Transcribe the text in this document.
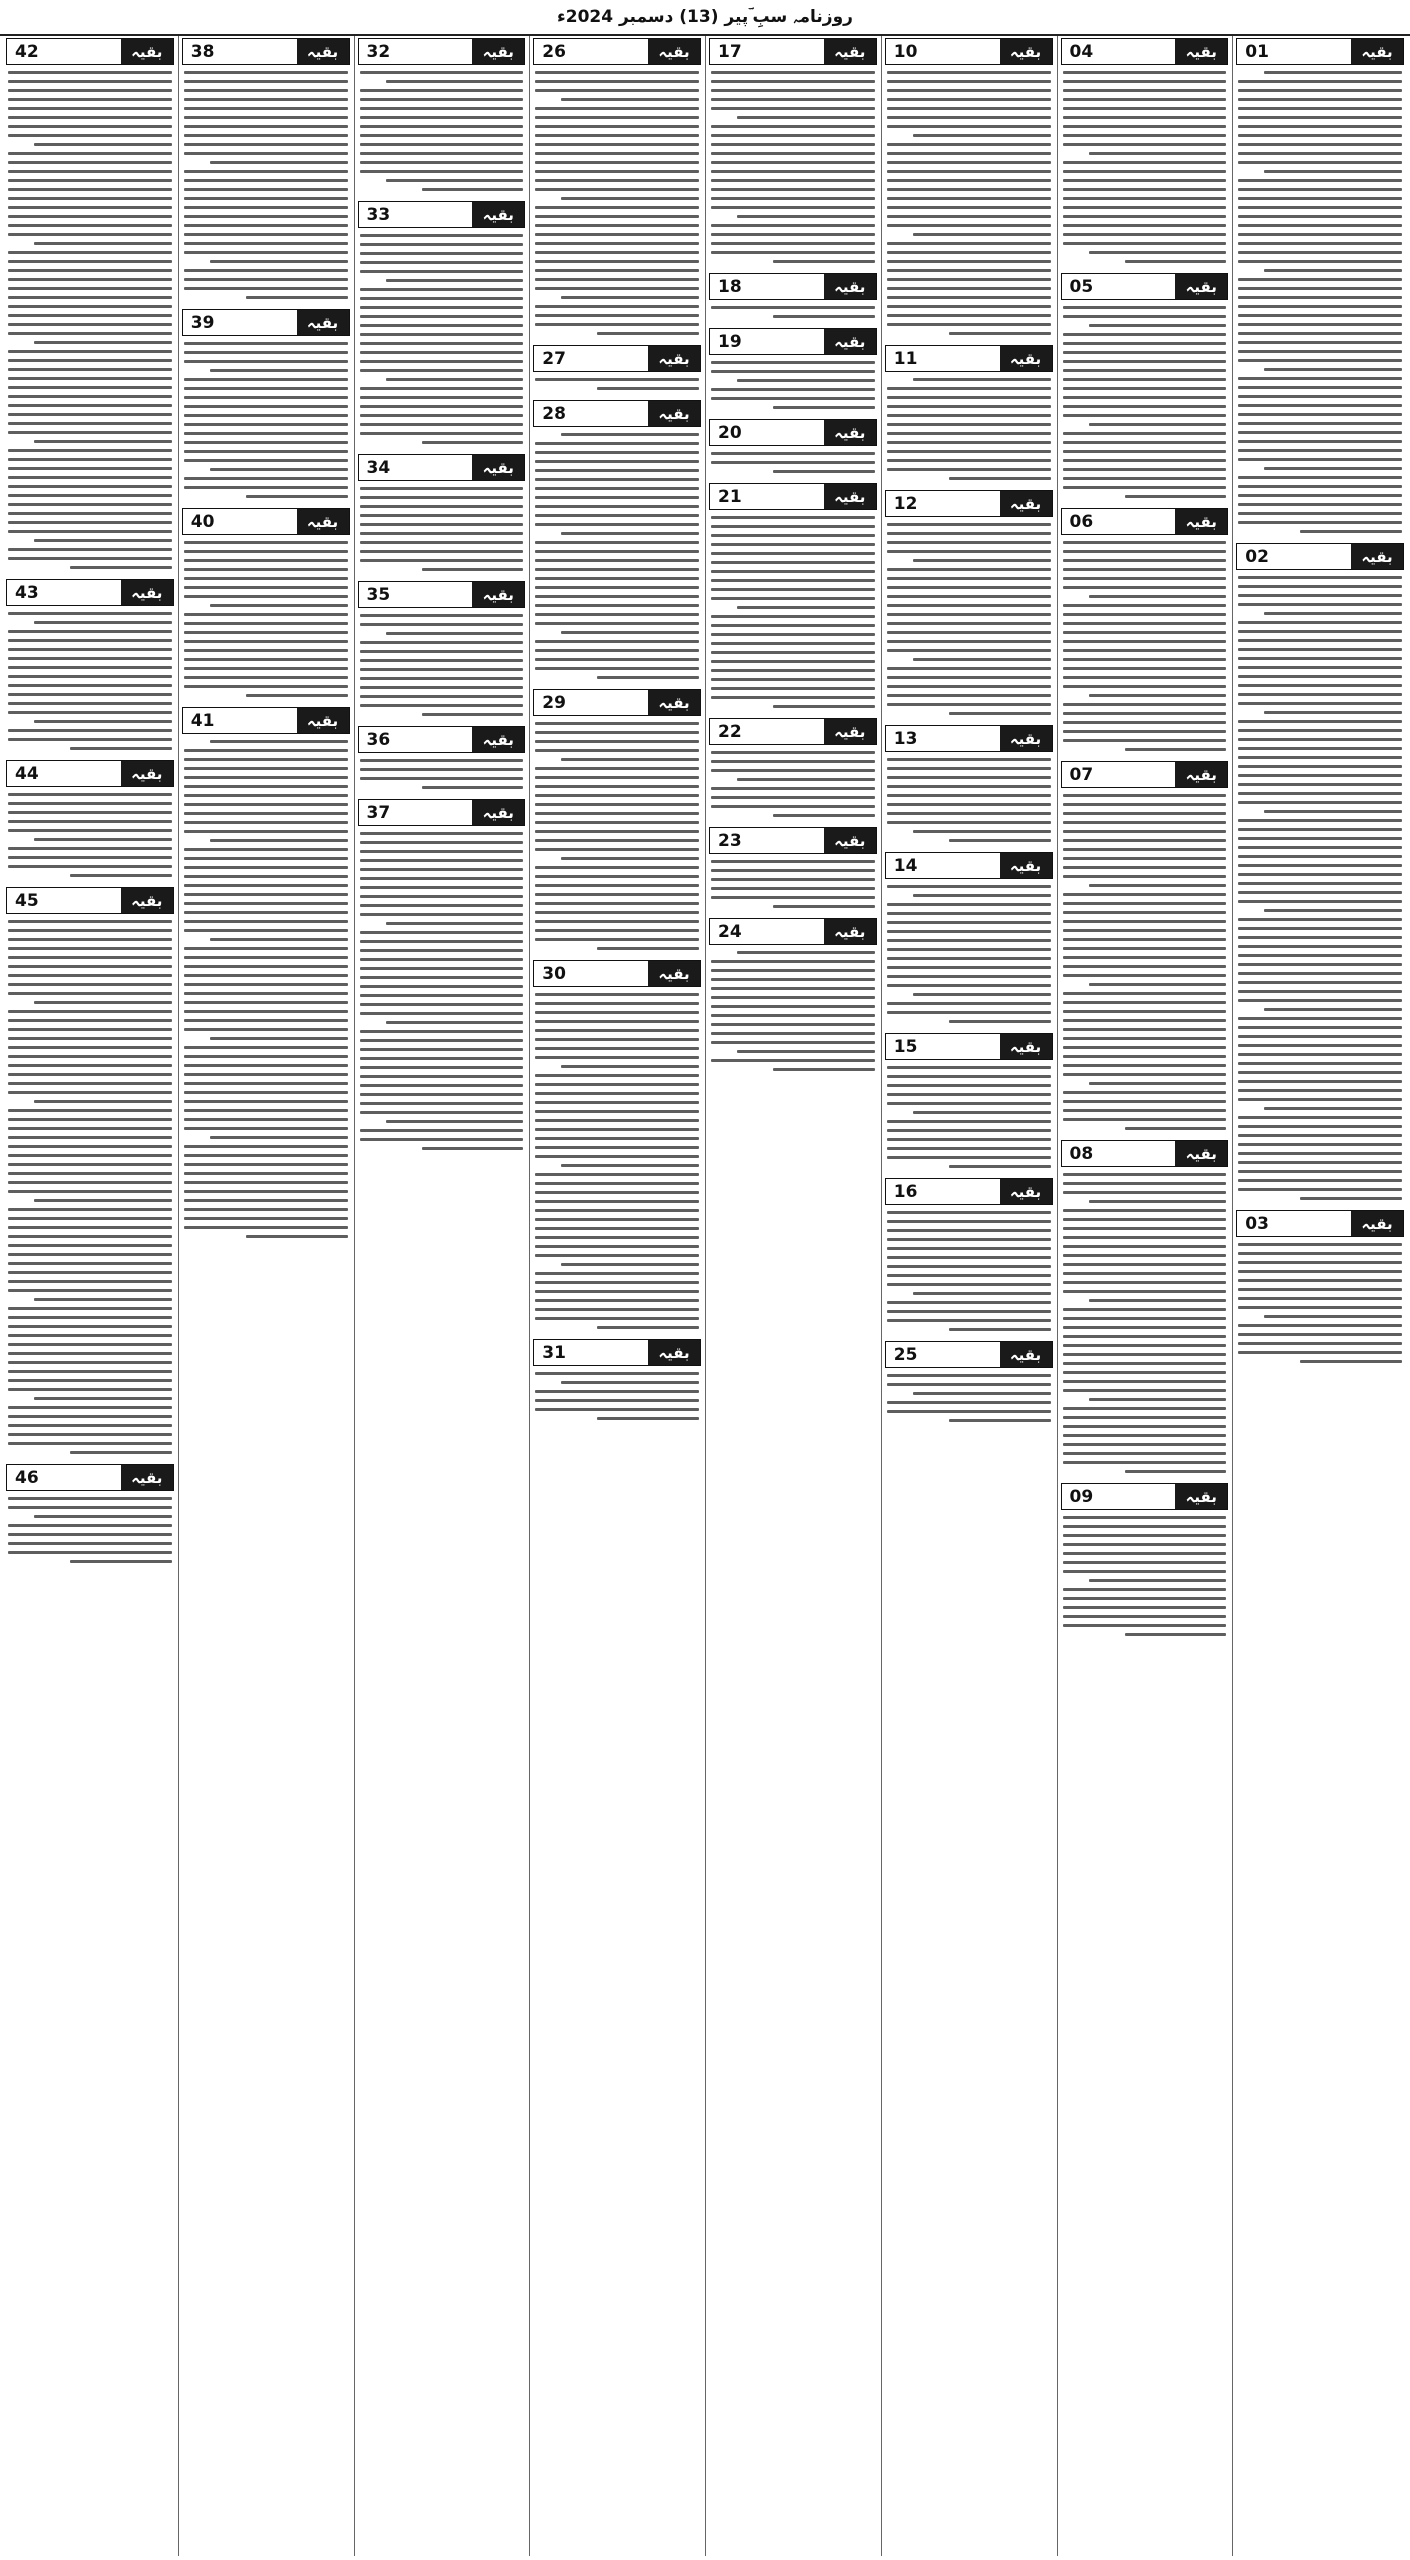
روزنامہ سبِ ؔپیر (13) دسمبر 2024ء
01	بقیہ
02	بقیہ
03	بقیہ
04	بقیہ
05	بقیہ
06	بقیہ
07	بقیہ
08	بقیہ
09	بقیہ
10	بقیہ
11	بقیہ
12	بقیہ
13	بقیہ
14	بقیہ
15	بقیہ
16	بقیہ
25	بقیہ
17	بقیہ
18	بقیہ
19	بقیہ
20	بقیہ
21	بقیہ
22	بقیہ
23	بقیہ
24	بقیہ
26	بقیہ
27	بقیہ
28	بقیہ
29	بقیہ
30	بقیہ
31	بقیہ
32	بقیہ
33	بقیہ
34	بقیہ
35	بقیہ
36	بقیہ
37	بقیہ
38	بقیہ
39	بقیہ
40	بقیہ
41	بقیہ
42	بقیہ
43	بقیہ
44	بقیہ
45	بقیہ
46	بقیہ
